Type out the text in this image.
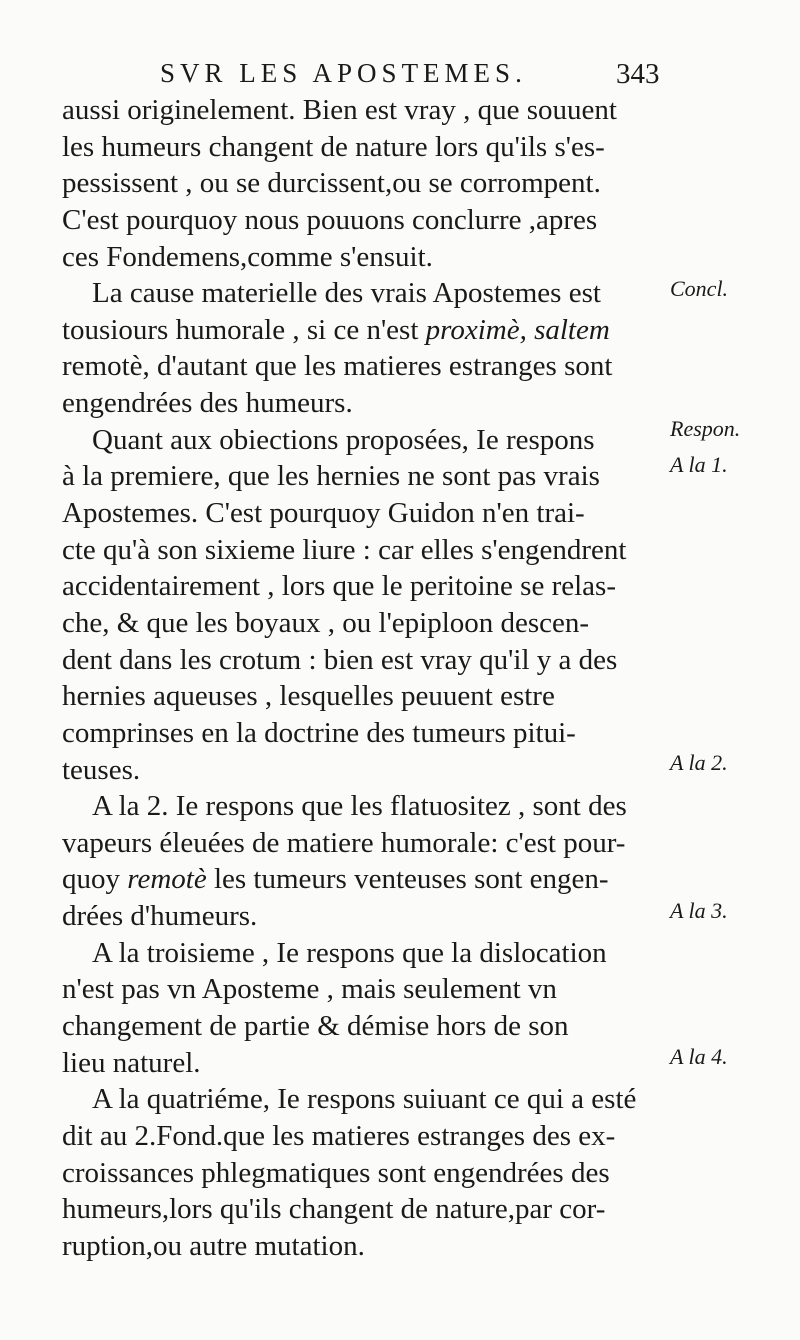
SVR LES APOSTEMES.	343
aussi originelement. Bien est vray , que souuent
les humeurs changent de nature lors qu'ils s'es-
pessissent , ou se durcissent,ou se corrompent.
C'est pourquoy nous pouuons conclurre ,apres
ces Fondemens,comme s'ensuit.
La cause materielle des vrais Apostemes est
tousiours humorale , si ce n'est proximè, saltem
remotè, d'autant que les matieres estranges sont
engendrées des humeurs.
Quant aux obiections proposées, Ie respons
à la premiere, que les hernies ne sont pas vrais
Apostemes. C'est pourquoy Guidon n'en trai-
cte qu'à son sixieme liure : car elles s'engendrent
accidentairement , lors que le peritoine se relas-
che, & que les boyaux , ou l'epiploon descen-
dent dans les crotum : bien est vray qu'il y a des
hernies aqueuses , lesquelles peuuent estre
comprinses en la doctrine des tumeurs pitui-
teuses.
A la 2. Ie respons que les flatuositez , sont des
vapeurs éleuées de matiere humorale: c'est pour-
quoy remotè les tumeurs venteuses sont engen-
drées d'humeurs.
A la troisieme , Ie respons que la dislocation
n'est pas vn Aposteme , mais seulement vn
changement de partie & démise hors de son
lieu naturel.
A la quatriéme, Ie respons suiuant ce qui a esté
dit au 2.Fond.que les matieres estranges des ex-
croissances phlegmatiques sont engendrées des
humeurs,lors qu'ils changent de nature,par cor-
ruption,ou autre mutation.
Concl.
Respon.
A la 1.
A la 2.
A la 3.
A la 4.
